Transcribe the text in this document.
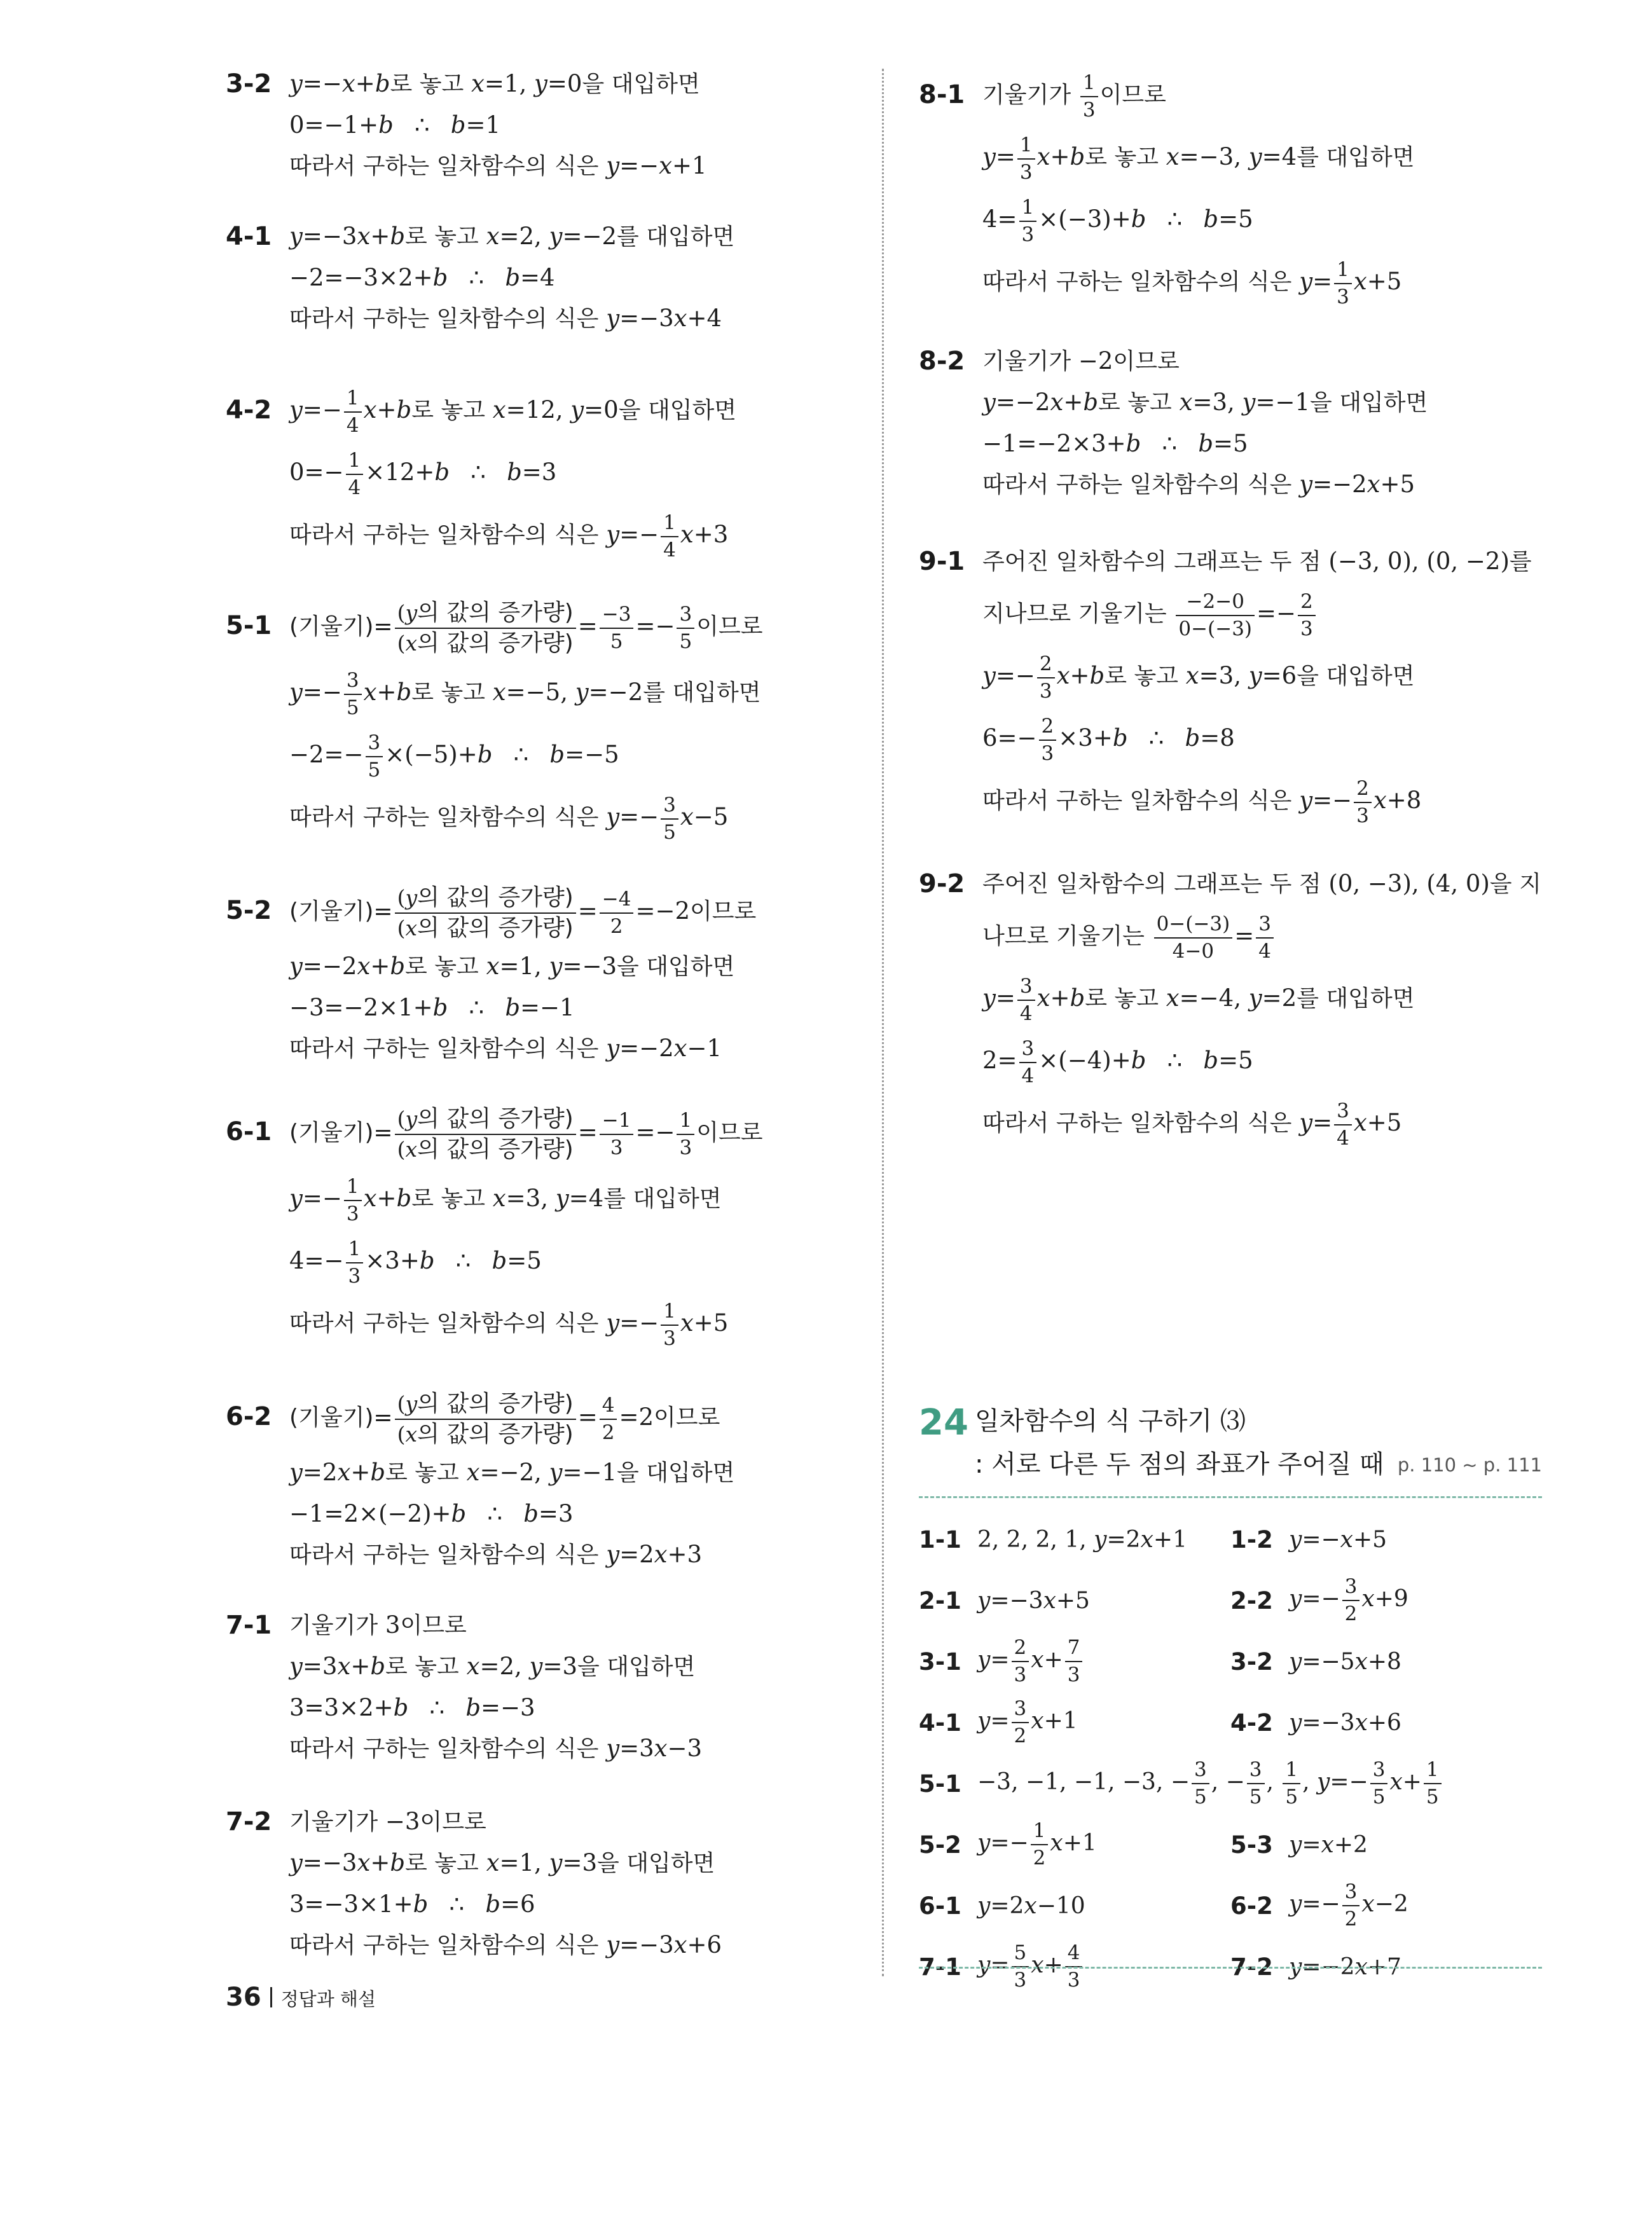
3-2 y=−x+b로 놓고 x=1, y=0을 대입하면
0=−1+b ∴ b=1
따라서 구하는 일차함수의 식은 y=−x+1
4-1 y=−3x+b로 놓고 x=2, y=−2를 대입하면
−2=−3×2+b ∴ b=4
따라서 구하는 일차함수의 식은 y=−3x+4
4-2 $y=- \frac{1}{4} x+b$로 놓고 x=12, y=0을 대입하면
$0=- \frac{1}{4} \times 12+b$ ∴ b=3
따라서 구하는 일차함수의 식은 $y=- \frac{1}{4} x+3$
5-1 (기울기)= $\frac{\text{(y의 값의 증가량)}}{\text{(x의 값의 증가량)}} = \frac{-3}{5} =- \frac{3}{5}$ 이므로
$y=- \frac{3}{5} x+b$로 놓고 x=−5, y=−2를 대입하면
$-2=- \frac{3}{5} \times(-5)+b$ ∴ b=−5
따라서 구하는 일차함수의 식은 $y=- \frac{3}{5} x-5$
5-2 (기울기)= $\frac{\text{(y의 값의 증가량)}}{\text{(x의 값의 증가량)}} = \frac{-4}{2} =-2$이므로
y=−2x+b로 놓고 x=1, y=−3을 대입하면
−3=−2×1+b ∴ b=−1
따라서 구하는 일차함수의 식은 y=−2x−1
6-1 (기울기)= $\frac{\text{(y의 값의 증가량)}}{\text{(x의 값의 증가량)}} = \frac{-1}{3} =- \frac{1}{3}$ 이므로
$y=- \frac{1}{3} x+b$로 놓고 x=3, y=4를 대입하면
$4=- \frac{1}{3} \times 3+b$ ∴ b=5
따라서 구하는 일차함수의 식은 $y=- \frac{1}{3} x+5$
6-2 (기울기)= $\frac{\text{(y의 값의 증가량)}}{\text{(x의 값의 증가량)}} = \frac{4}{2} =2$이므로
y=2x+b로 놓고 x=−2, y=−1을 대입하면
−1=2×(−2)+b ∴ b=3
따라서 구하는 일차함수의 식은 y=2x+3
7-1 기울기가 3이므로
y=3x+b로 놓고 x=2, y=3을 대입하면
3=3×2+b ∴ b=−3
따라서 구하는 일차함수의 식은 y=3x−3
7-2 기울기가 −3이므로
y=−3x+b로 놓고 x=1, y=3을 대입하면
3=−3×1+b ∴ b=6
따라서 구하는 일차함수의 식은 y=−3x+6
8-1 기울기가 $\frac{1}{3}$ 이므로
$y= \frac{1}{3} x+b$로 놓고 x=−3, y=4를 대입하면
$4= \frac{1}{3} \times(-3)+b$ ∴ b=5
따라서 구하는 일차함수의 식은 $y= \frac{1}{3} x+5$
8-2 기울기가 −2이므로
y=−2x+b로 놓고 x=3, y=−1을 대입하면
−1=−2×3+b ∴ b=5
따라서 구하는 일차함수의 식은 y=−2x+5
9-1 주어진 일차함수의 그래프는 두 점 (−3, 0), (0, −2)를
지나므로 기울기는 $\frac{-2-0}{0-(-3)} =- \frac{2}{3}$
$y=- \frac{2}{3} x+b$로 놓고 x=3, y=6을 대입하면
$6=- \frac{2}{3} \times 3+b$ ∴ b=8
따라서 구하는 일차함수의 식은 $y=- \frac{2}{3} x+8$
9-2 주어진 일차함수의 그래프는 두 점 (0, −3), (4, 0)을 지
나므로 기울기는 $\frac{0-(-3)}{4-0} = \frac{3}{4}$
$y= \frac{3}{4} x+b$로 놓고 x=−4, y=2를 대입하면
$2= \frac{3}{4} \times(-4)+b$ ∴ b=5
따라서 구하는 일차함수의 식은 $y= \frac{3}{4} x+5$
24 일차함수의 식 구하기 ⑶
: 서로 다른 두 점의 좌표가 주어질 때 p. 110 ~ p. 111
1-1 2, 2, 2, 1, y=2x+1 1-2 y=−x+5
2-1 y=−3x+5	2-2 $y=- \frac{3}{2} x+9$
3-1 $y= \frac{2}{3} x+ \frac{7}{3}$	3-2 y=−5x+8
4-1 $y= \frac{3}{2} x+1$	4-2 y=−3x+6
5-1 −3, −1, −1, −3, − $\frac{3}{5}$ , − $\frac{3}{5}$ , $\frac{1}{5}$ , $y=- \frac{3}{5} x+ \frac{1}{5}$
5-2 $y=- \frac{1}{2} x+1$	5-3 y=x+2
6-1 y=2x−10	6-2 $y=- \frac{3}{2} x-2$
7-1 $y= \frac{5}{3} x+ \frac{4}{3}$	7-2 y=−2x+7
36 정답과 해설
